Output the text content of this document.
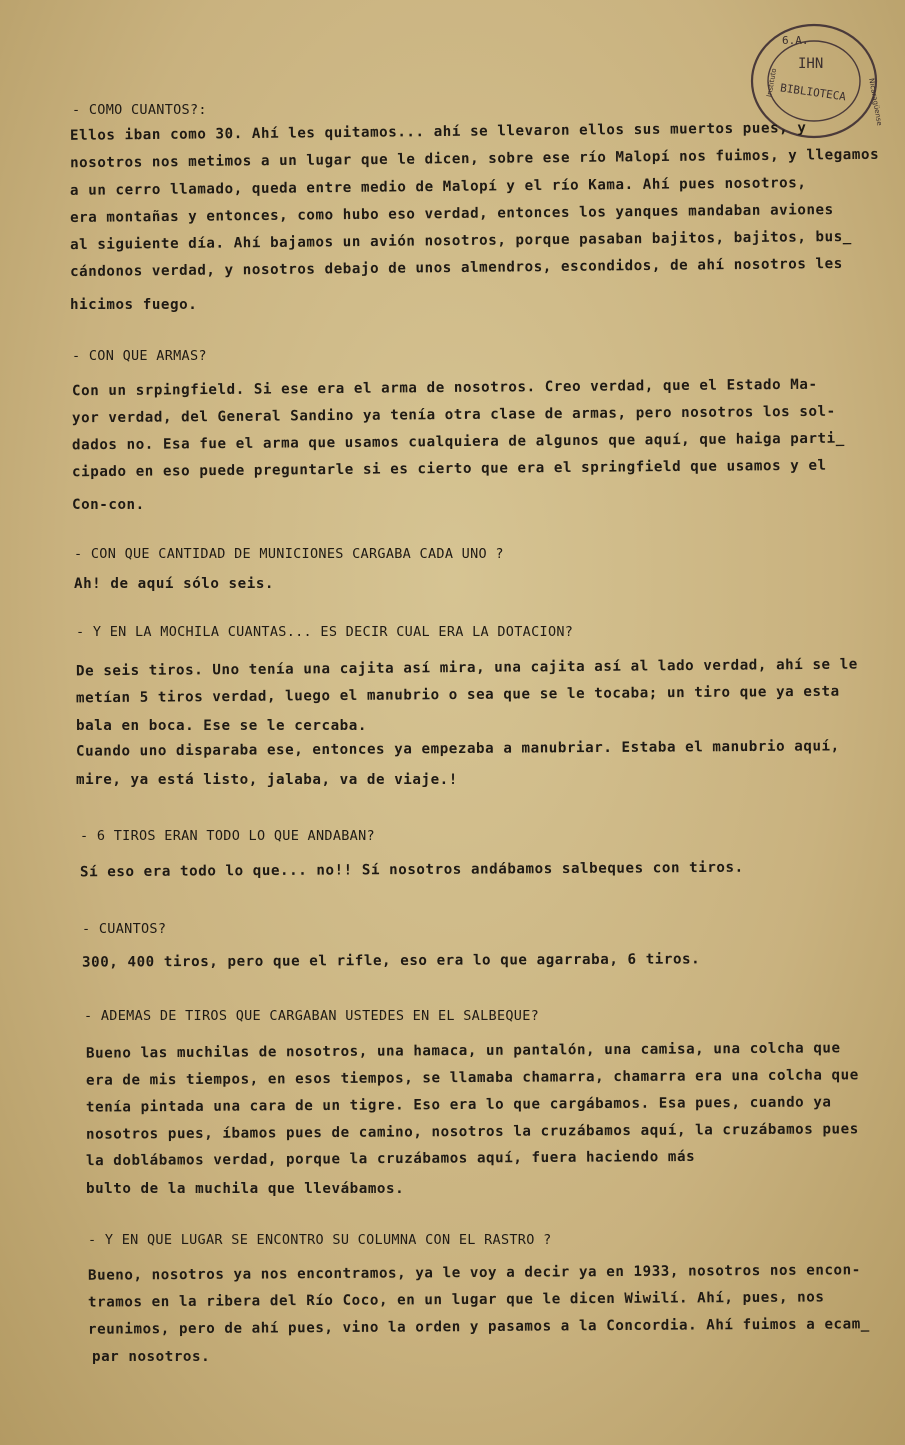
6.A.
IHN
BIBLIOTECA
Instituto	Nicaragüense
- COMO CUANTOS?:
Ellos iban como 30. Ahí les quitamos... ahí se llevaron ellos sus muertos pues, y
nosotros nos metimos a un lugar que le dicen, sobre ese río Malopí nos fuimos, y llegamos
a un cerro llamado, queda entre medio de Malopí y el río Kama. Ahí pues nosotros,
era montañas y entonces, como hubo eso verdad, entonces los yanques mandaban aviones
al siguiente día. Ahí bajamos un avión nosotros, porque pasaban bajitos, bajitos, bus_
cándonos verdad, y nosotros debajo de unos almendros, escondidos, de ahí nosotros les
hicimos fuego.
- CON QUE ARMAS?
Con un srpingfield. Si ese era el arma de nosotros. Creo verdad, que el Estado Ma-
yor verdad, del General Sandino ya tenía otra clase de armas, pero nosotros los sol-
dados no. Esa fue el arma que usamos cualquiera de algunos que aquí, que haiga parti_
cipado en eso puede preguntarle si es cierto que era el springfield que usamos y el
Con-con.
- CON QUE CANTIDAD DE MUNICIONES CARGABA CADA UNO ?
Ah! de aquí sólo seis.
- Y EN LA MOCHILA CUANTAS... ES DECIR CUAL ERA LA DOTACION?
De seis tiros. Uno tenía una cajita así mira, una cajita así al lado verdad, ahí se le
metían 5 tiros verdad, luego el manubrio o sea que se le tocaba; un tiro que ya esta
bala en boca. Ese se le cercaba.
Cuando uno disparaba ese, entonces ya empezaba a manubriar. Estaba el manubrio aquí,
mire, ya está listo, jalaba, va de viaje.!
- 6 TIROS ERAN TODO LO QUE ANDABAN?
Sí eso era todo lo que... no!! Sí nosotros andábamos salbeques con tiros.
- CUANTOS?
300, 400 tiros, pero que el rifle, eso era lo que agarraba, 6 tiros.
- ADEMAS DE TIROS QUE CARGABAN USTEDES EN EL SALBEQUE?
Bueno las muchilas de nosotros, una hamaca, un pantalón, una camisa, una colcha que
era de mis tiempos, en esos tiempos, se llamaba chamarra, chamarra era una colcha que
tenía pintada una cara de un tigre. Eso era lo que cargábamos. Esa pues, cuando ya
nosotros pues, íbamos pues de camino, nosotros la cruzábamos aquí, la cruzábamos pues
la doblábamos verdad, porque la cruzábamos aquí, fuera haciendo más
bulto de la muchila que llevábamos.
- Y EN QUE LUGAR SE ENCONTRO SU COLUMNA CON EL RASTRO ?
Bueno, nosotros ya nos encontramos, ya le voy a decir ya en 1933, nosotros nos encon-
tramos en la ribera del Río Coco, en un lugar que le dicen Wiwilí. Ahí, pues, nos
reunimos, pero de ahí pues, vino la orden y pasamos a la Concordia. Ahí fuimos a ecam_
par nosotros.
